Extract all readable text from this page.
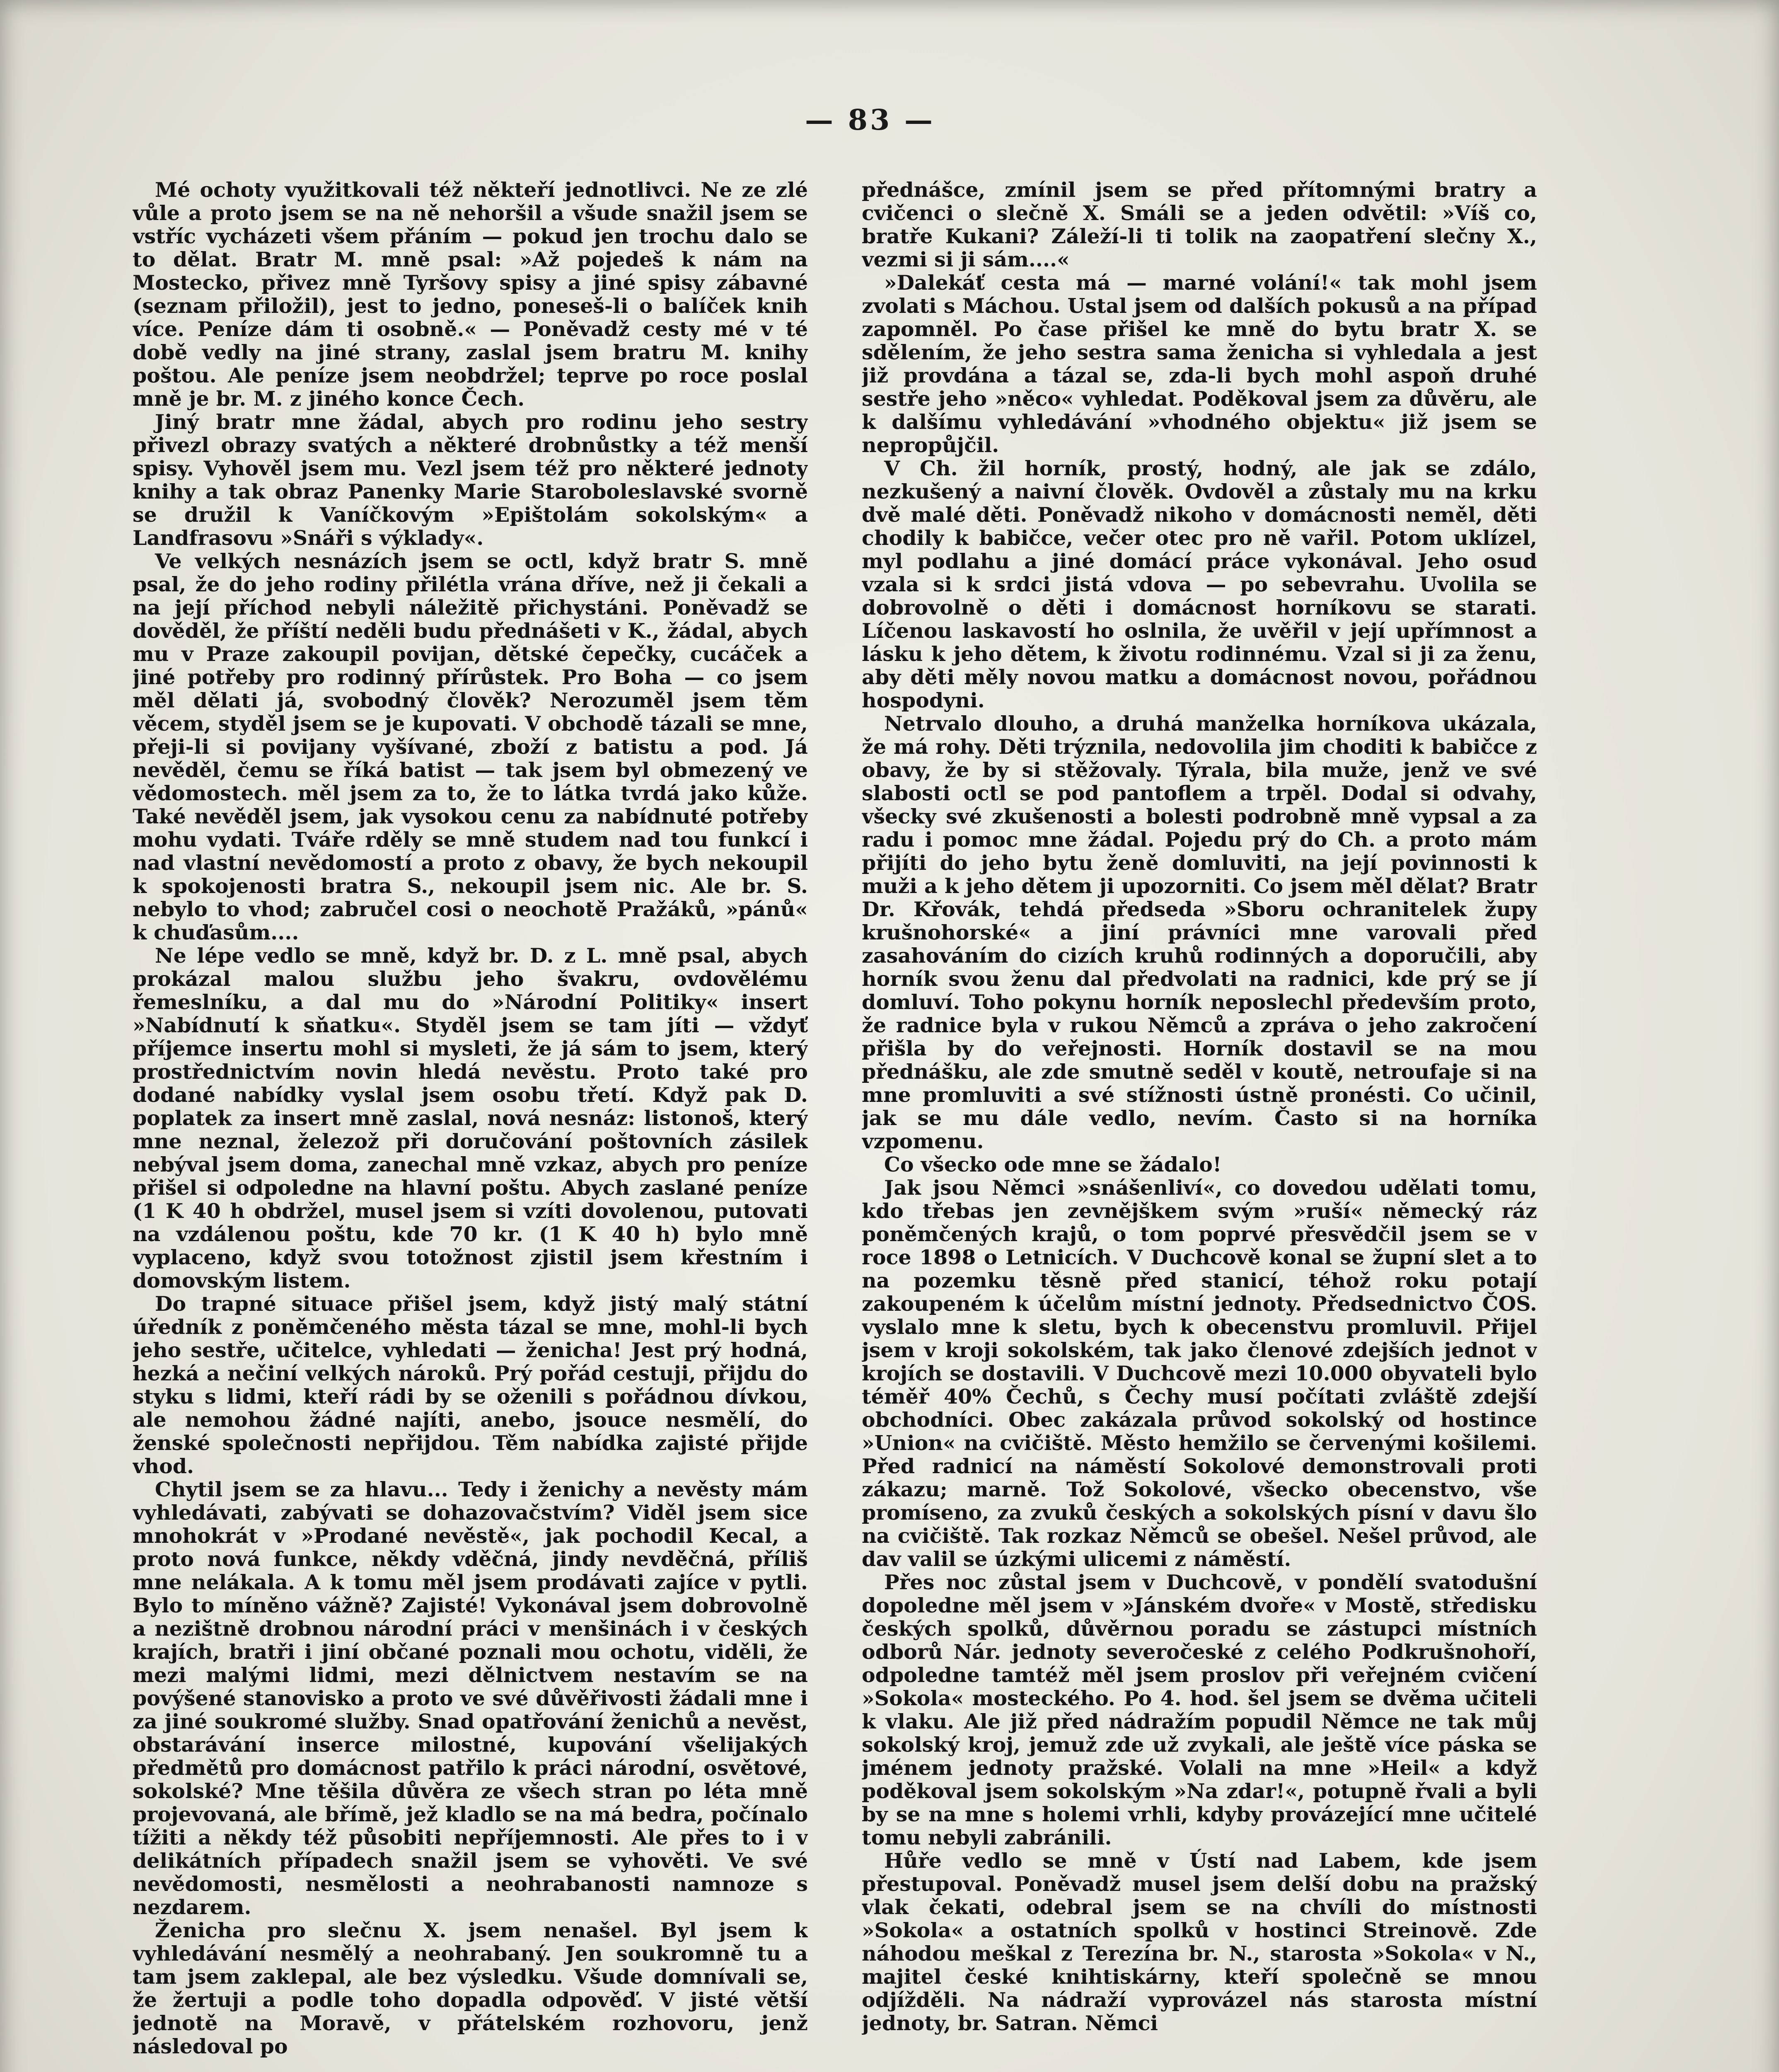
— 83 —

Mé ochoty využitkovali též někteří jednotlivci. Ne ze zlé vůle a proto jsem se na ně nehoršil a všude snažil jsem se vstříc vycházeti všem přáním — pokud jen trochu dalo se to dělat. Bratr M. mně psal: »Až pojedeš k nám na Mostecko, přivez mně Tyršovy spisy a jiné spisy zábavné (seznam přiložil), jest to jedno, poneseš-li o balíček knih více. Peníze dám ti osobně.« — Poněvadž cesty mé v té době vedly na jiné strany, zaslal jsem bratru M. knihy poštou. Ale peníze jsem neobdržel; teprve po roce poslal mně je br. M. z jiného konce Čech.

Jiný bratr mne žádal, abych pro rodinu jeho sestry přivezl obrazy svatých a některé drobnůstky a též menší spisy. Vyhověl jsem mu. Vezl jsem též pro některé jednoty knihy a tak obraz Panenky Marie Staroboleslavské svorně se družil k Vaníčkovým »Epištolám sokolským« a Landfrasovu »Snáři s výklady«.

Ve velkých nesnázích jsem se octl, když bratr S. mně psal, že do jeho rodiny přilétla vrána dříve, než ji čekali a na její příchod nebyli náležitě přichystáni. Poněvadž se dověděl, že příští neděli budu přednášeti v K., žádal, abych mu v Praze zakoupil povijan, dětské čepečky, cucáček a jiné potřeby pro rodinný přírůstek. Pro Boha — co jsem měl dělati já, svobodný člověk? Nerozuměl jsem těm věcem, styděl jsem se je kupovati. V obchodě tázali se mne, přeji-li si povijany vyšívané, zboží z batistu a pod. Já nevěděl, čemu se říká batist — tak jsem byl obmezený ve vědomostech. měl jsem za to, že to látka tvrdá jako kůže. Také nevěděl jsem, jak vysokou cenu za nabídnuté potřeby mohu vydati. Tváře rděly se mně studem nad tou funkcí i nad vlastní nevědomostí a proto z obavy, že bych nekoupil k spokojenosti bratra S., nekoupil jsem nic. Ale br. S. nebylo to vhod; zabručel cosi o neochotě Pražáků, »pánů« k chuďasům....

Ne lépe vedlo se mně, když br. D. z L. mně psal, abych prokázal malou službu jeho švakru, ovdovělému řemeslníku, a dal mu do »Národní Politiky« insert »Nabídnutí k sňatku«. Styděl jsem se tam jíti — vždyť příjemce insertu mohl si mysleti, že já sám to jsem, který prostřednictvím novin hledá nevěstu. Proto také pro dodané nabídky vyslal jsem osobu třetí. Když pak D. poplatek za insert mně zaslal, nová nesnáz: listonoš, který mne neznal, železož při doručování poštovních zásilek nebýval jsem doma, zanechal mně vzkaz, abych pro peníze přišel si odpoledne na hlavní poštu. Abych zaslané peníze (1 K 40 h obdržel, musel jsem si vzíti dovolenou, putovati na vzdálenou poštu, kde 70 kr. (1 K 40 h) bylo mně vyplaceno, když svou totožnost zjistil jsem křestním i domovským listem.

Do trapné situace přišel jsem, když jistý malý státní úředník z poněmčeného města tázal se mne, mohl-li bych jeho sestře, učitelce, vyhledati — ženicha! Jest prý hodná, hezká a nečiní velkých nároků. Prý pořád cestuji, přijdu do styku s lidmi, kteří rádi by se oženili s pořádnou dívkou, ale nemohou žádné najíti, anebo, jsouce nesmělí, do ženské společnosti nepřijdou. Těm nabídka zajisté přijde vhod.

Chytil jsem se za hlavu... Tedy i ženichy a nevěsty mám vyhledávati, zabývati se dohazovačstvím? Viděl jsem sice mnohokrát v »Prodané nevěstě«, jak pochodil Kecal, a proto nová funkce, někdy vděčná, jindy nevděčná, příliš mne nelákala. A k tomu měl jsem prodávati zajíce v pytli. Bylo to míněno vážně? Zajisté! Vykonával jsem dobrovolně a nezištně drobnou národní práci v menšinách i v českých krajích, bratři i jiní občané poznali mou ochotu, viděli, že mezi malými lidmi, mezi dělnictvem nestavím se na povýšené stanovisko a proto ve své důvěřivosti žádali mne i za jiné soukromé služby. Snad opatřování ženichů a nevěst, obstarávání inserce milostné, kupování všelijakých předmětů pro domácnost patřilo k práci národní, osvětové, sokolské? Mne těšila důvěra ze všech stran po léta mně projevovaná, ale břímě, jež kladlo se na má bedra, počínalo tížiti a někdy též působiti nepříjemnosti. Ale přes to i v delikátních případech snažil jsem se vyhověti. Ve své nevědomosti, nesmělosti a neohrabanosti namnoze s nezdarem.

Ženicha pro slečnu X. jsem nenašel. Byl jsem k vyhledávání nesmělý a neohrabaný. Jen soukromně tu a tam jsem zaklepal, ale bez výsledku. Všude domnívali se, že žertuji a podle toho dopadla odpověď. V jisté větší jednotě na Moravě, v přátelském rozhovoru, jenž následoval po

přednášce, zmínil jsem se před přítomnými bratry a cvičenci o slečně X. Smáli se a jeden odvětil: »Víš co, bratře Kukani? Záleží-li ti tolik na zaopatření slečny X., vezmi si ji sám....«

»Dalekáť cesta má — marné volání!« tak mohl jsem zvolati s Máchou. Ustal jsem od dalších pokusů a na případ zapomněl. Po čase přišel ke mně do bytu bratr X. se sdělením, že jeho sestra sama ženicha si vyhledala a jest již provdána a tázal se, zda-li bych mohl aspoň druhé sestře jeho »něco« vyhledat. Poděkoval jsem za důvěru, ale k dalšímu vyhledávání »vhodného objektu« již jsem se nepropůjčil.

V Ch. žil horník, prostý, hodný, ale jak se zdálo, nezkušený a naivní člověk. Ovdověl a zůstaly mu na krku dvě malé děti. Poněvadž nikoho v domácnosti neměl, děti chodily k babičce, večer otec pro ně vařil. Potom uklízel, myl podlahu a jiné domácí práce vykonával. Jeho osud vzala si k srdci jistá vdova — po sebevrahu. Uvolila se dobrovolně o děti i domácnost horníkovu se starati. Líčenou laskavostí ho oslnila, že uvěřil v její upřímnost a lásku k jeho dětem, k životu rodinnému. Vzal si ji za ženu, aby děti měly novou matku a domácnost novou, pořádnou hospodyni.

Netrvalo dlouho, a druhá manželka horníkova ukázala, že má rohy. Děti trýznila, nedovolila jim choditi k babičce z obavy, že by si stěžovaly. Týrala, bila muže, jenž ve své slabosti octl se pod pantoflem a trpěl. Dodal si odvahy, všecky své zkušenosti a bolesti podrobně mně vypsal a za radu i pomoc mne žádal. Pojedu prý do Ch. a proto mám přijíti do jeho bytu ženě domluviti, na její povinnosti k muži a k jeho dětem ji upozorniti. Co jsem měl dělat? Bratr Dr. Křovák, tehdá předseda »Sboru ochranitelek župy krušnohorské« a jiní právníci mne varovali před zasahováním do cizích kruhů rodinných a doporučili, aby horník svou ženu dal předvolati na radnici, kde prý se jí domluví. Toho pokynu horník neposlechl především proto, že radnice byla v rukou Němců a zpráva o jeho zakročení přišla by do veřejnosti. Horník dostavil se na mou přednášku, ale zde smutně seděl v koutě, netroufaje si na mne promluviti a své stížnosti ústně pronésti. Co učinil, jak se mu dále vedlo, nevím. Často si na horníka vzpomenu.

Co všecko ode mne se žádalo!

Jak jsou Němci »snášenliví«, co dovedou udělati tomu, kdo třebas jen zevnějškem svým »ruší« německý ráz poněmčených krajů, o tom poprvé přesvědčil jsem se v roce 1898 o Letnicích. V Duchcově konal se župní slet a to na pozemku těsně před stanicí, téhož roku potají zakoupeném k účelům místní jednoty. Předsednictvo ČOS. vyslalo mne k sletu, bych k obecenstvu promluvil. Přijel jsem v kroji sokolském, tak jako členové zdejších jednot v krojích se dostavili. V Duchcově mezi 10.000 obyvateli bylo téměř 40% Čechů, s Čechy musí počítati zvláště zdejší obchodníci. Obec zakázala průvod sokolský od hostince »Union« na cvičiště. Město hemžilo se červenými košilemi. Před radnicí na náměstí Sokolové demonstrovali proti zákazu; marně. Tož Sokolové, všecko obecenstvo, vše promíseno, za zvuků českých a sokolských písní v davu šlo na cvičiště. Tak rozkaz Němců se obešel. Nešel průvod, ale dav valil se úzkými ulicemi z náměstí.

Přes noc zůstal jsem v Duchcově, v pondělí svatodušní dopoledne měl jsem v »Jánském dvoře« v Mostě, středisku českých spolků, důvěrnou poradu se zástupci místních odborů Nár. jednoty severočeské z celého Podkrušnohoří, odpoledne tamtéž měl jsem proslov při veřejném cvičení »Sokola« mosteckého. Po 4. hod. šel jsem se dvěma učiteli k vlaku. Ale již před nádražím popudil Němce ne tak můj sokolský kroj, jemuž zde už zvykali, ale ještě více páska se jménem jednoty pražské. Volali na mne »Heil« a když poděkoval jsem sokolským »Na zdar!«, potupně řvali a byli by se na mne s holemi vrhli, kdyby provázející mne učitelé tomu nebyli zabránili.

Hůře vedlo se mně v Ústí nad Labem, kde jsem přestupoval. Poněvadž musel jsem delší dobu na pražský vlak čekati, odebral jsem se na chvíli do místnosti »Sokola« a ostatních spolků v hostinci Streinově. Zde náhodou meškal z Terezína br. N., starosta »Sokola« v N., majitel české knihtiskárny, kteří společně se mnou odjížděli. Na nádraží vyprovázel nás starosta místní jednoty, br. Satran. Němci
